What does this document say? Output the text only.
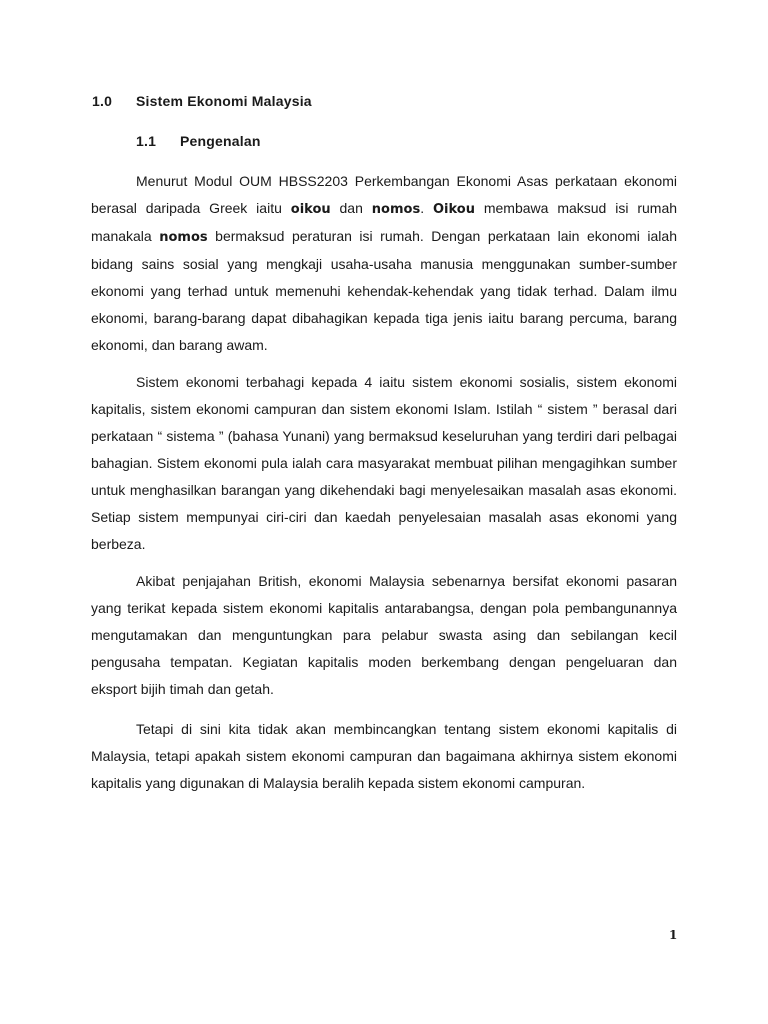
1.0 Sistem Ekonomi Malaysia
1.1 Pengenalan

Menurut Modul OUM HBSS2203 Perkembangan Ekonomi Asas perkataan ekonomi berasal daripada Greek iaitu oikou dan nomos. Oikou membawa maksud isi rumah manakala nomos bermaksud peraturan isi rumah. Dengan perkataan lain ekonomi ialah bidang sains sosial yang mengkaji usaha-usaha manusia menggunakan sumber-sumber ekonomi yang terhad untuk memenuhi kehendak-kehendak yang tidak terhad. Dalam ilmu ekonomi, barang-barang dapat dibahagikan kepada tiga jenis iaitu barang percuma, barang ekonomi, dan barang awam.

Sistem ekonomi terbahagi kepada 4 iaitu sistem ekonomi sosialis, sistem ekonomi kapitalis, sistem ekonomi campuran dan sistem ekonomi Islam. Istilah “ sistem ” berasal dari perkataan “ sistema ” (bahasa Yunani) yang bermaksud keseluruhan yang terdiri dari pelbagai bahagian. Sistem ekonomi pula ialah cara masyarakat membuat pilihan mengagihkan sumber untuk menghasilkan barangan yang dikehendaki bagi menyelesaikan masalah asas ekonomi. Setiap sistem mempunyai ciri-ciri dan kaedah penyelesaian masalah asas ekonomi yang berbeza.

Akibat penjajahan British, ekonomi Malaysia sebenarnya bersifat ekonomi pasaran yang terikat kepada sistem ekonomi kapitalis antarabangsa, dengan pola pembangunannya mengutamakan dan menguntungkan para pelabur swasta asing dan sebilangan kecil pengusaha tempatan. Kegiatan kapitalis moden berkembang dengan pengeluaran dan eksport bijih timah dan getah.

Tetapi di sini kita tidak akan membincangkan tentang sistem ekonomi kapitalis di Malaysia, tetapi apakah sistem ekonomi campuran dan bagaimana akhirnya sistem ekonomi kapitalis yang digunakan di Malaysia beralih kepada sistem ekonomi campuran.

1
